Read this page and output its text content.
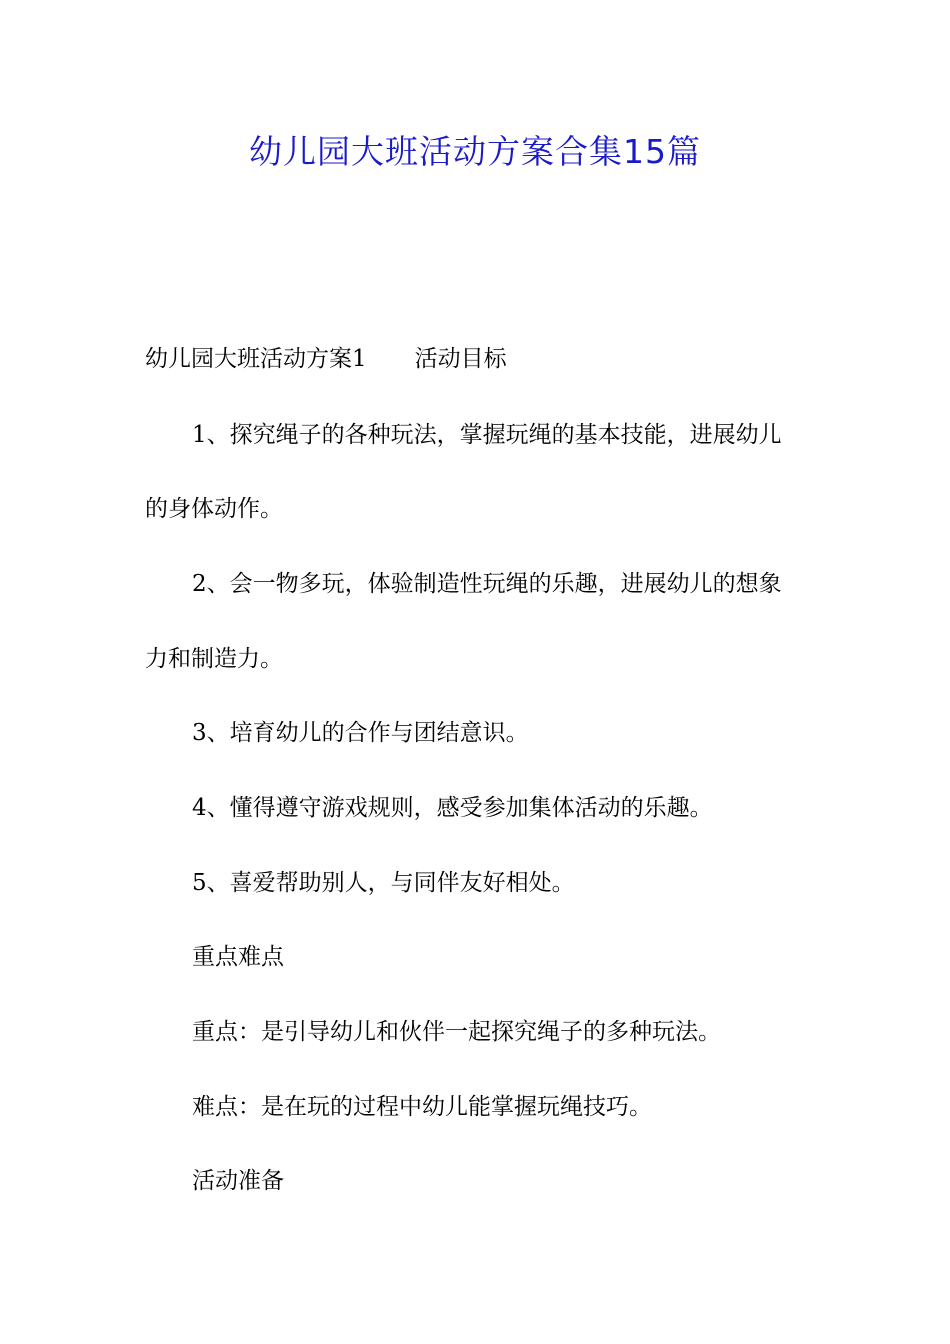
幼儿园大班活动方案合集15篇
幼儿园大班活动方案1 活动目标
1、探究绳子的各种玩法，掌握玩绳的基本技能，进展幼儿
的身体动作。
2、会一物多玩，体验制造性玩绳的乐趣，进展幼儿的想象
力和制造力。
3、培育幼儿的合作与团结意识。
4、懂得遵守游戏规则，感受参加集体活动的乐趣。
5、喜爱帮助别人，与同伴友好相处。
重点难点
重点：是引导幼儿和伙伴一起探究绳子的多种玩法。
难点：是在玩的过程中幼儿能掌握玩绳技巧。
活动准备
